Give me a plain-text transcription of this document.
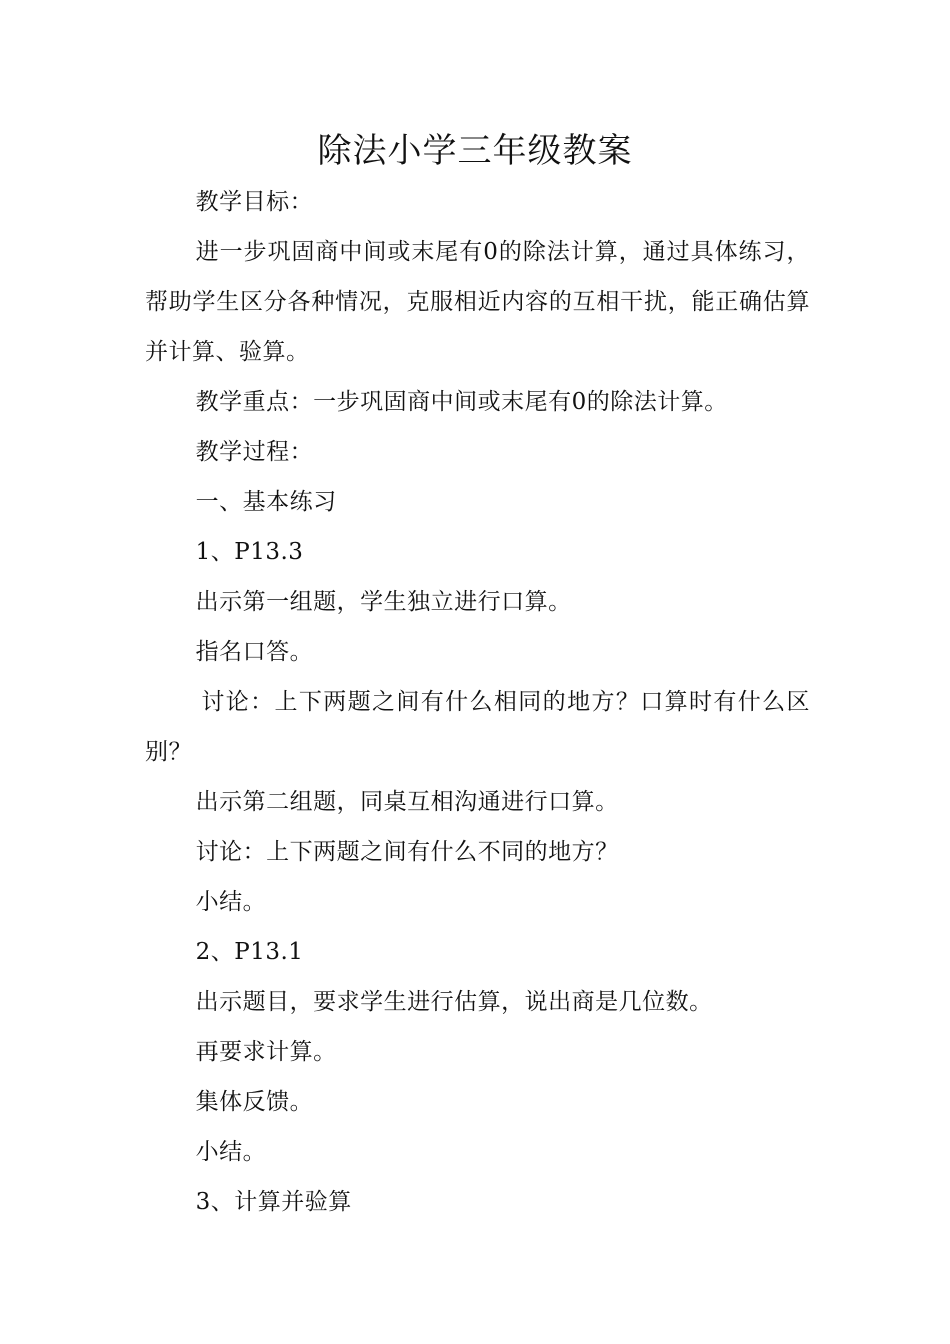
除法小学三年级教案

教学目标：

进一步巩固商中间或末尾有0的除法计算，通过具体练习，帮助学生区分各种情况，克服相近内容的互相干扰，能正确估算并计算、验算。

教学重点：一步巩固商中间或末尾有0的除法计算。

教学过程：

一、基本练习

1、P13.3

出示第一组题，学生独立进行口算。

指名口答。

讨论：上下两题之间有什么相同的地方？口算时有什么区别？

出示第二组题，同桌互相沟通进行口算。

讨论：上下两题之间有什么不同的地方？

小结。

2、P13.1

出示题目，要求学生进行估算，说出商是几位数。

再要求计算。

集体反馈。

小结。

3、计算并验算
